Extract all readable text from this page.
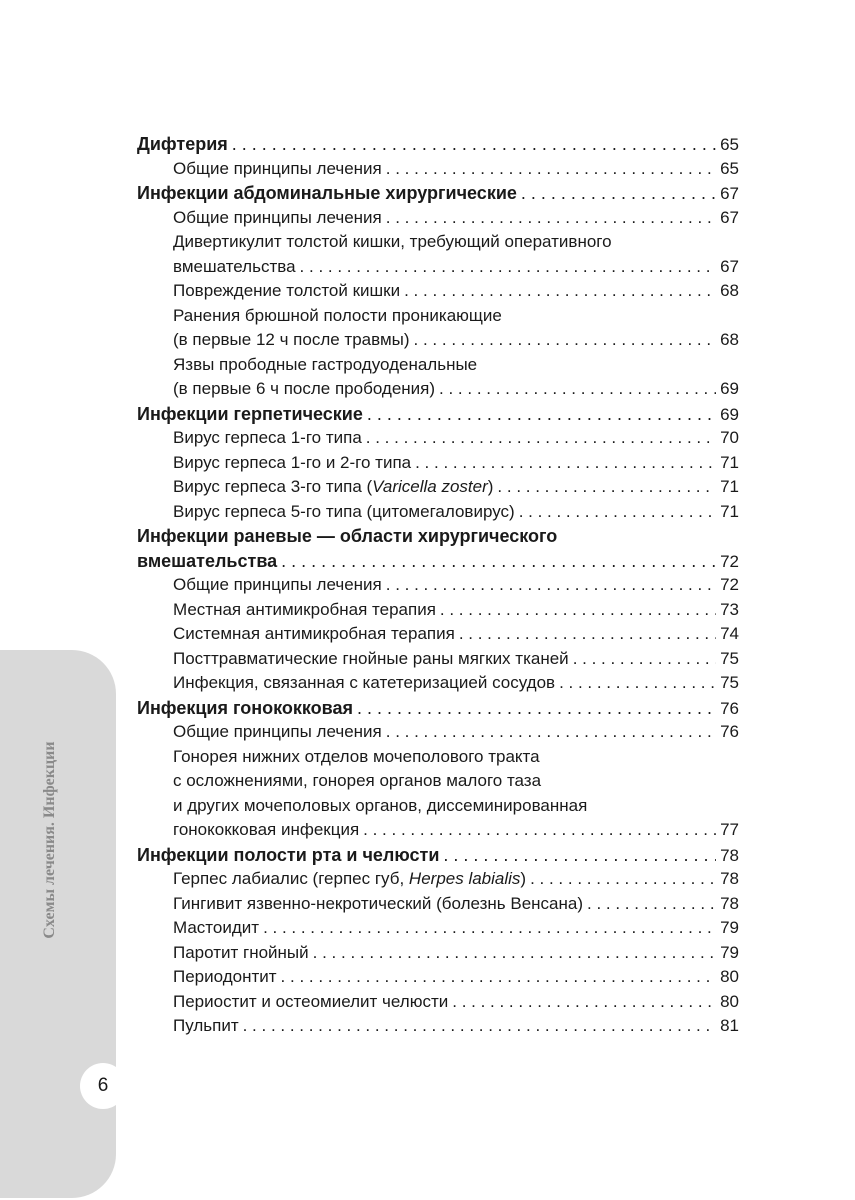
Схемы лечения. Инфекции
6
Дифтерия . . .	65
Общие принципы лечения . . .	65
Инфекции абдоминальные хирургические . . .	67
Общие принципы лечения . . .	67
Дивертикулит толстой кишки, требующий оперативного
вмешательства . . .	67
Повреждение толстой кишки . . .	68
Ранения брюшной полости проникающие
(в первые 12 ч после травмы) . . .	68
Язвы прободные гастродуоденальные
(в первые 6 ч после прободения) . . .	69
Инфекции герпетические . . .	69
Вирус герпеса 1-го типа . . .	70
Вирус герпеса 1-го и 2-го типа . . .	71
Вирус герпеса 3-го типа (Varicella zoster) . . .	71
Вирус герпеса 5-го типа (цитомегаловирус) . . .	71
Инфекции раневые — области хирургического
вмешательства . . .	72
Общие принципы лечения . . .	72
Местная антимикробная терапия . . .	73
Системная антимикробная терапия . . .	74
Посттравматические гнойные раны мягких тканей . . .	75
Инфекция, связанная с катетеризацией сосудов . . .	75
Инфекция гонококковая . . .	76
Общие принципы лечения . . .	76
Гонорея нижних отделов мочеполового тракта
с осложнениями, гонорея органов малого таза
и других мочеполовых органов, диссеминированная
гонококковая инфекция . . .	77
Инфекции полости рта и челюсти . . .	78
Герпес лабиалис (герпес губ, Herpes labialis) . . .	78
Гингивит язвенно-некротический (болезнь Венсана) . . .	78
Мастоидит . . .	79
Паротит гнойный . . .	79
Периодонтит . . .	80
Периостит и остеомиелит челюсти . . .	80
Пульпит . . .	81
